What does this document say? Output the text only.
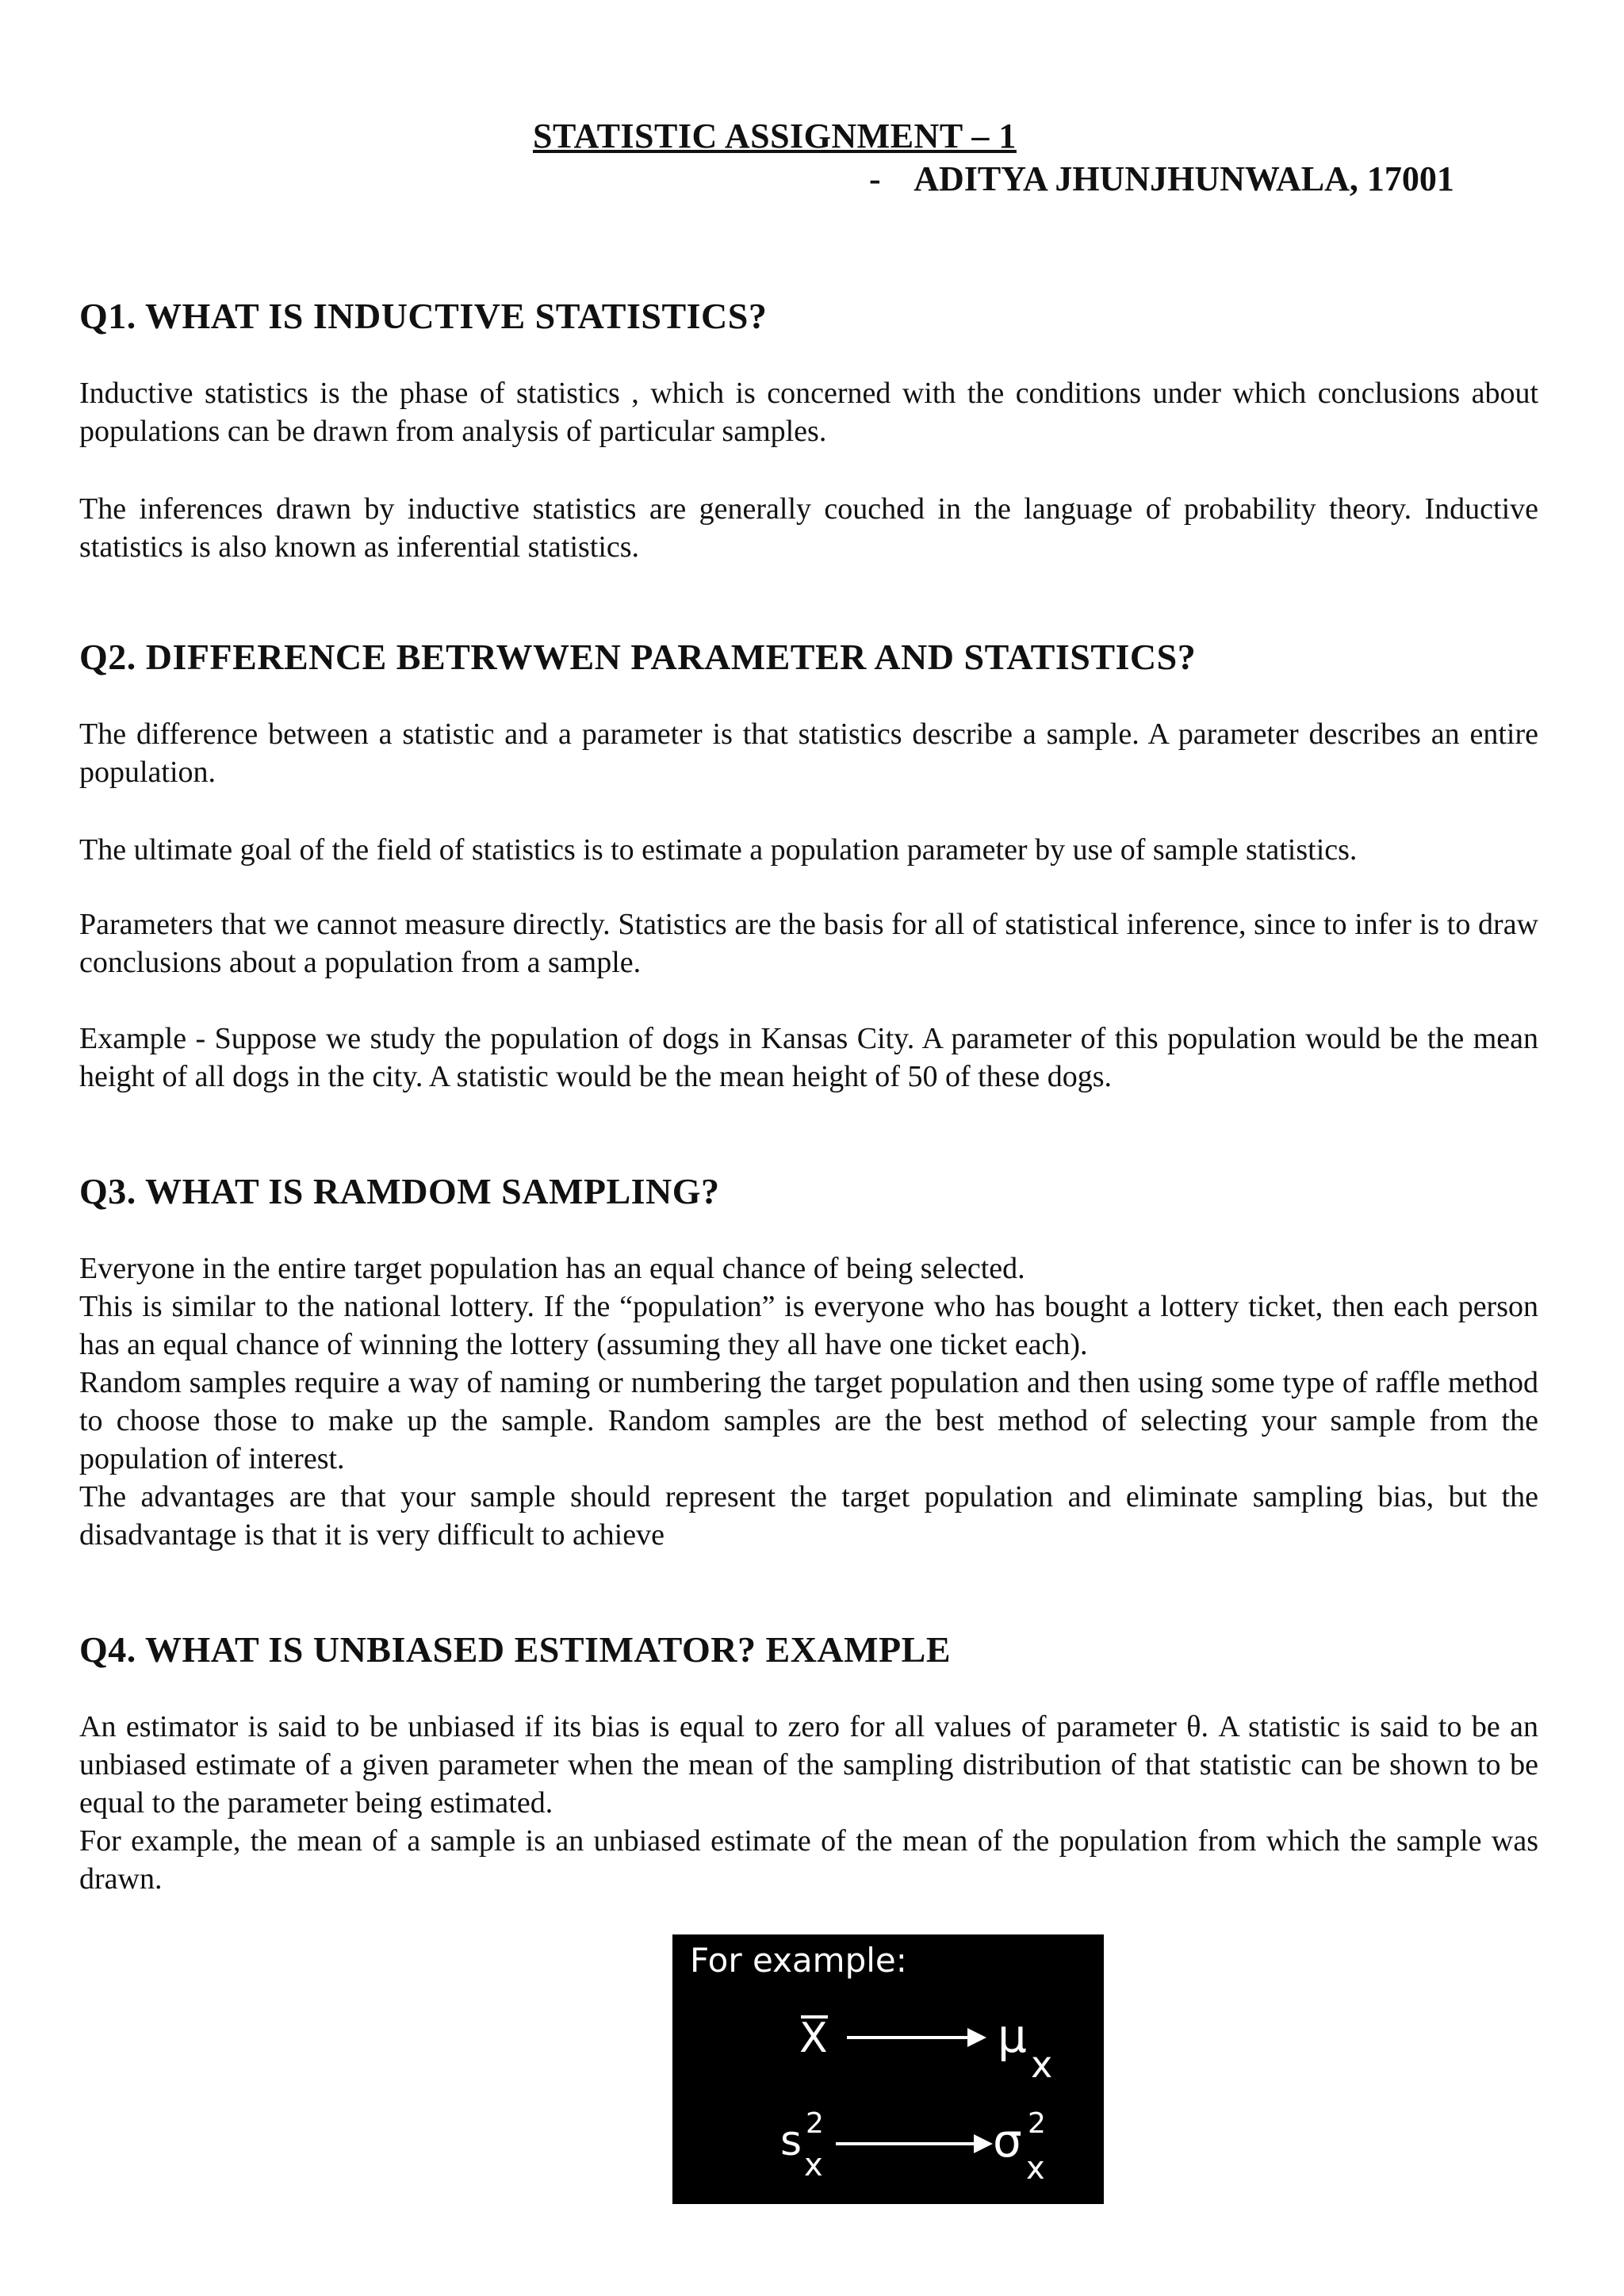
STATISTIC ASSIGNMENT – 1
-    ADITYA JHUNJHUNWALA, 17001
Q1. WHAT IS INDUCTIVE STATISTICS?
Inductive statistics is the phase of statistics , which is concerned with the conditions under which conclusions about populations can be drawn from analysis of particular samples.
The inferences drawn by inductive statistics are generally couched in the language of probability theory. Inductive statistics is also known as inferential statistics.
Q2. DIFFERENCE BETRWWEN PARAMETER AND STATISTICS?
The difference between a statistic and a parameter is that statistics describe a sample. A parameter describes an entire population.
The ultimate goal of the field of statistics is to estimate a population parameter by use of sample statistics.
Parameters that we cannot measure directly. Statistics are the basis for all of statistical inference, since to infer is to draw conclusions about a population from a sample.
Example - Suppose we study the population of dogs in Kansas City. A parameter of this population would be the mean height of all dogs in the city. A statistic would be the mean height of 50 of these dogs.
Q3. WHAT IS RAMDOM SAMPLING?
Everyone in the entire target population has an equal chance of being selected.
This is similar to the national lottery. If the “population” is everyone who has bought a lottery ticket, then each person has an equal chance of winning the lottery (assuming they all have one ticket each).
Random samples require a way of naming or numbering the target population and then using some type of raffle method to choose those to make up the sample. Random samples are the best method of selecting your sample from the population of interest.
The advantages are that your sample should represent the target population and eliminate sampling bias, but the disadvantage is that it is very difficult to achieve
Q4. WHAT IS UNBIASED ESTIMATOR? EXAMPLE
An estimator is said to be unbiased if its bias is equal to zero for all values of parameter θ. A statistic is said to be an unbiased estimate of a given parameter when the mean of the sampling distribution of that statistic can be shown to be equal to the parameter being estimated.
For example, the mean of a sample is an unbiased estimate of the mean of the population from which the sample was drawn.
For example:
X	μ
x
s 2
x	σ 2
x
